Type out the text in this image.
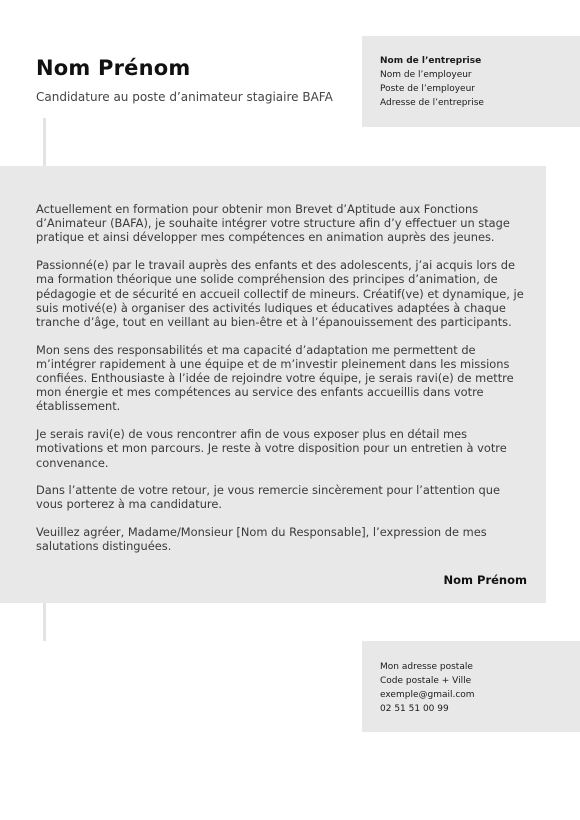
Nom Prénom

Candidature au poste d’animateur stagiaire BAFA

Nom de l’entreprise
Nom de l’employeur
Poste de l’employeur
Adresse de l’entreprise

Actuellement en formation pour obtenir mon Brevet d’Aptitude aux Fonctions d’Animateur (BAFA), je souhaite intégrer votre structure afin d’y effectuer un stage pratique et ainsi développer mes compétences en animation auprès des jeunes.

Passionné(e) par le travail auprès des enfants et des adolescents, j’ai acquis lors de ma formation théorique une solide compréhension des principes d’animation, de pédagogie et de sécurité en accueil collectif de mineurs. Créatif(ve) et dynamique, je suis motivé(e) à organiser des activités ludiques et éducatives adaptées à chaque tranche d’âge, tout en veillant au bien-être et à l’épanouissement des participants.

Mon sens des responsabilités et ma capacité d’adaptation me permettent de m’intégrer rapidement à une équipe et de m’investir pleinement dans les missions confiées. Enthousiaste à l’idée de rejoindre votre équipe, je serais ravi(e) de mettre mon énergie et mes compétences au service des enfants accueillis dans votre établissement.

Je serais ravi(e) de vous rencontrer afin de vous exposer plus en détail mes motivations et mon parcours. Je reste à votre disposition pour un entretien à votre convenance.

Dans l’attente de votre retour, je vous remercie sincèrement pour l’attention que vous porterez à ma candidature.

Veuillez agréer, Madame/Monsieur [Nom du Responsable], l’expression de mes salutations distinguées.

Nom Prénom
Mon adresse postale
Code postale + Ville
exemple@gmail.com
02 51 51 00 99
